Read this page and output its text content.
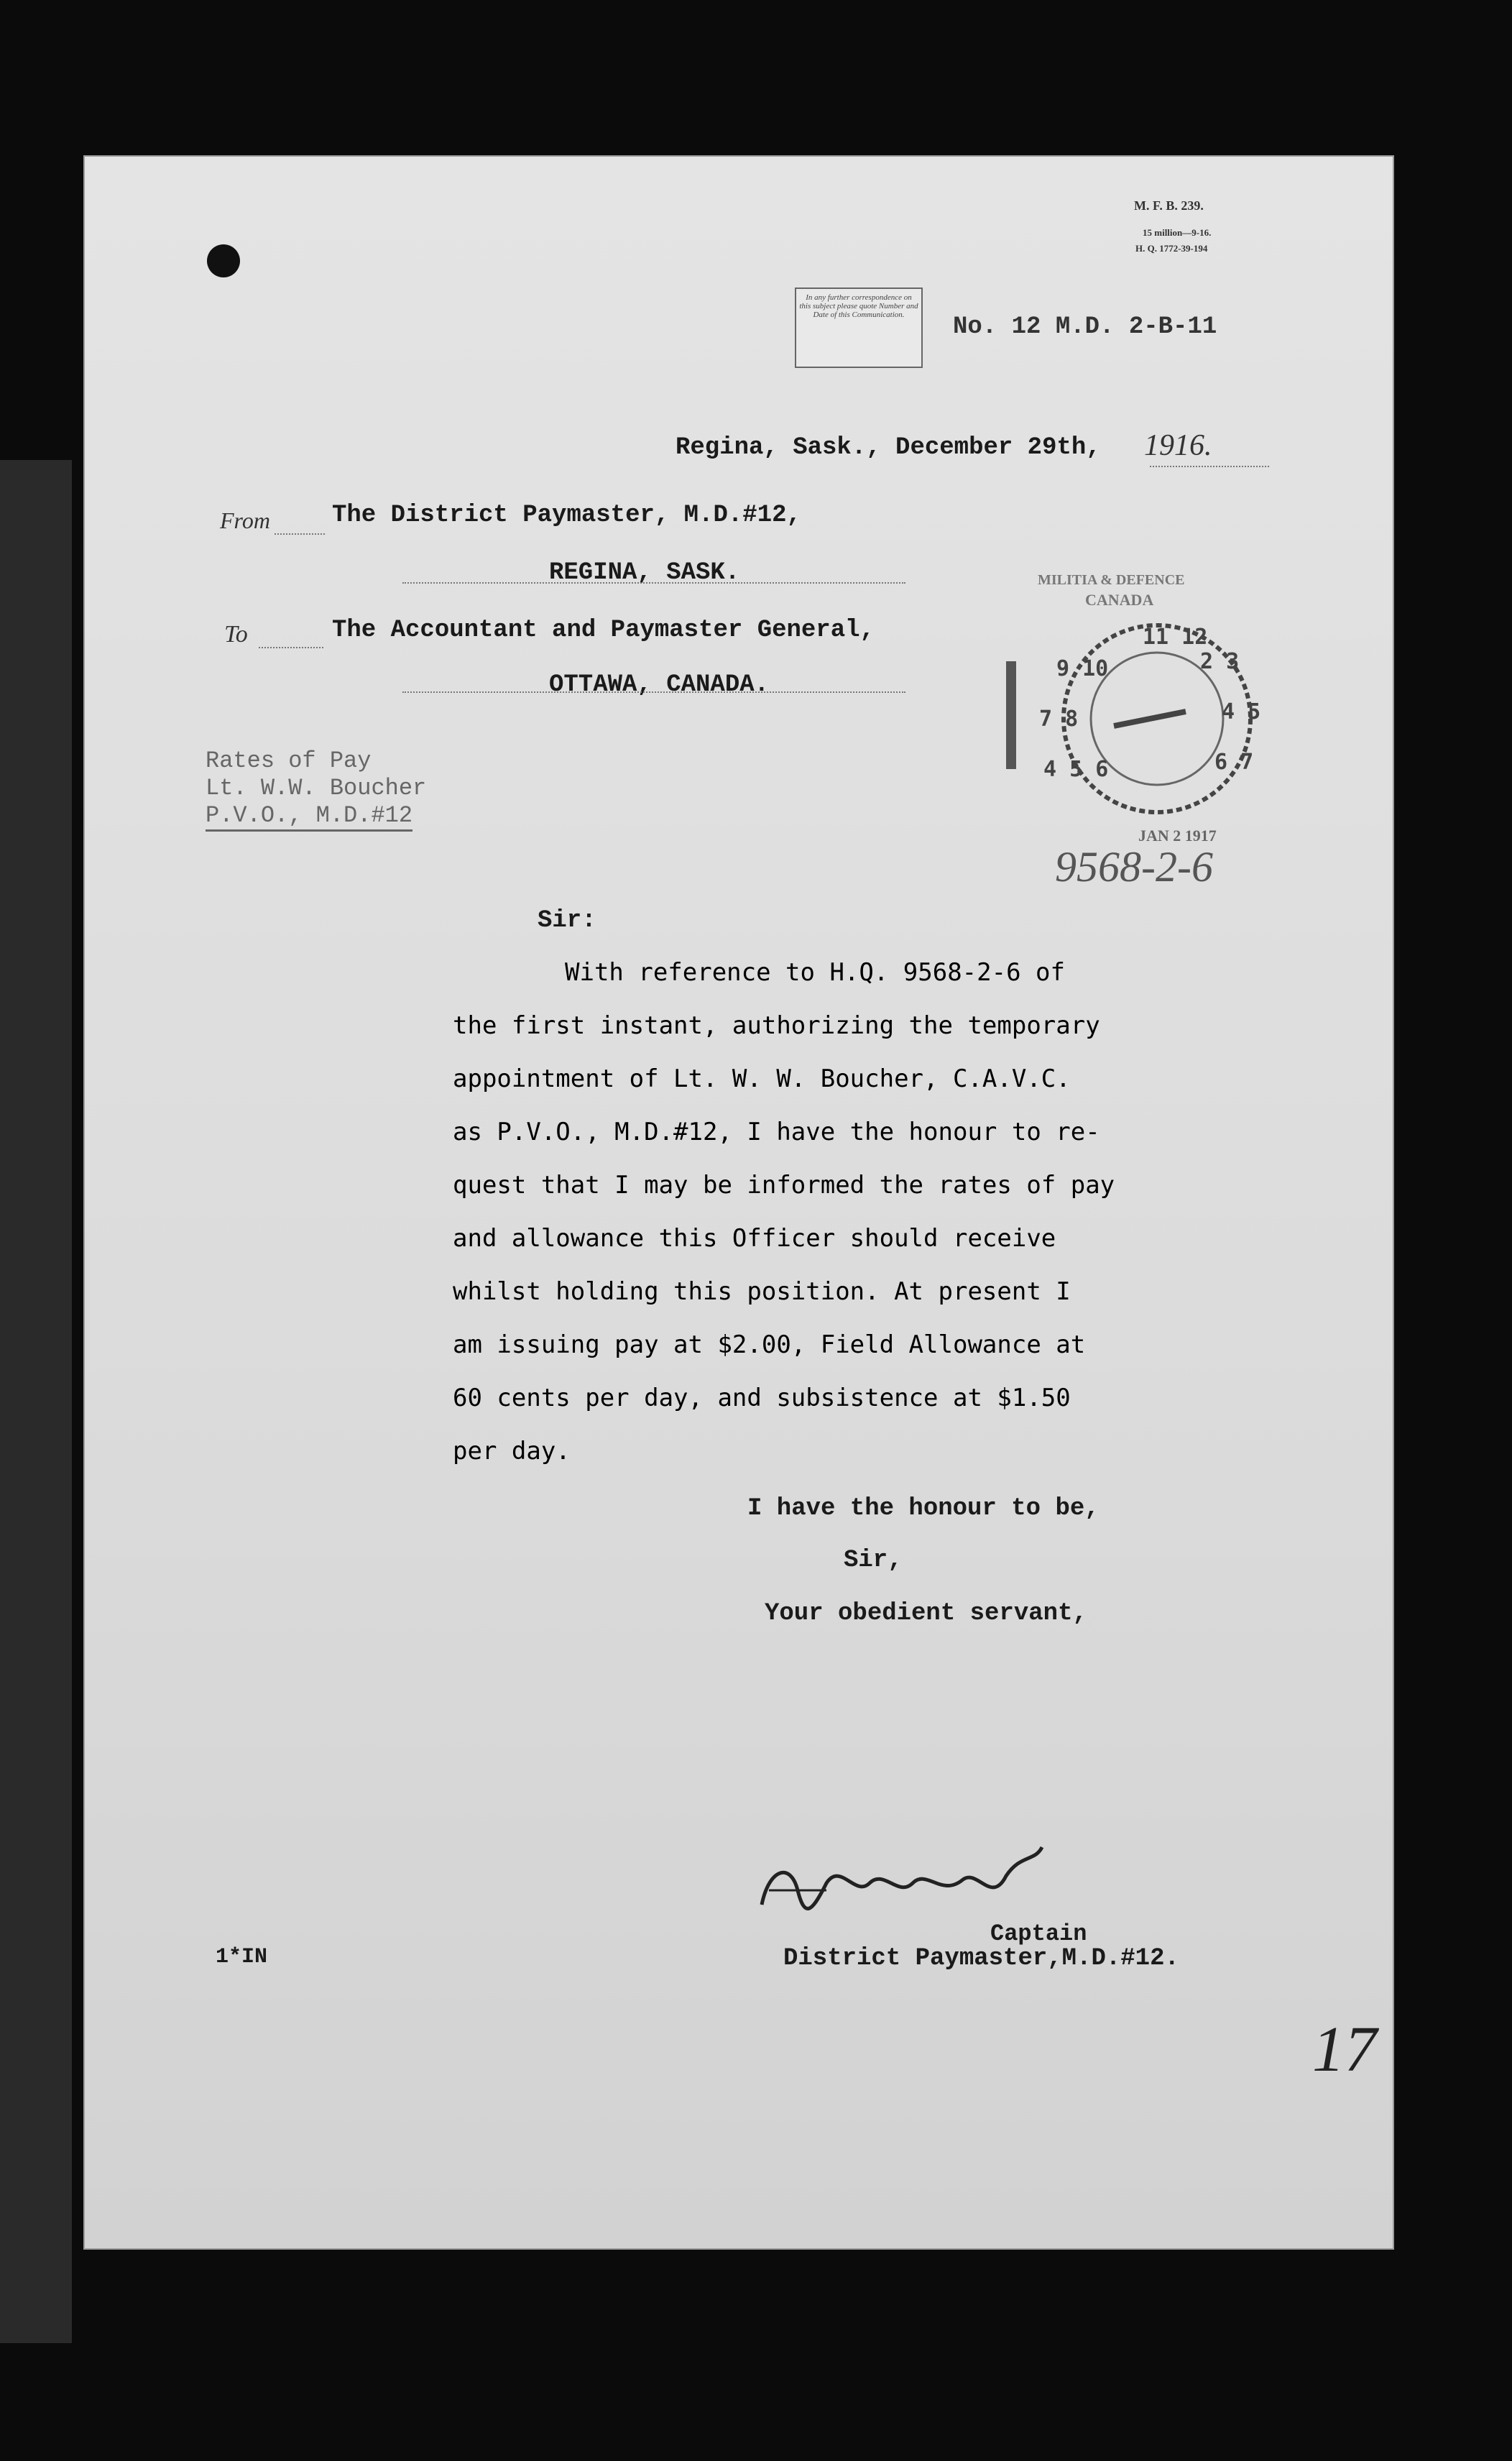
M. F. B. 239.
15 million—9-16.
H. Q. 1772-39-194
In any further correspondence on this subject please quote Number and Date of this Communication.	No. 12 M.D. 2-B-11
Regina, Sask., December 29th, 1916.
From	The District Paymaster, M.D.#12,
REGINA, SASK.
To	The Accountant and Paymaster General,
OTTAWA, CANADA.
Rates of Pay
Lt. W.W. Boucher
P.V.O., M.D.#12
MILITIA & DEFENCE
CANADA
11 12
2 3
4 5
6 7
9 10
7 8
4 5 6
JAN 2 1917
9568-2-6
Sir:
With reference to H.Q. 9568-2-6 of
the first instant, authorizing the temporary
appointment of Lt. W. W. Boucher, C.A.V.C.
as P.V.O., M.D.#12, I have the honour to re-
quest that I may be informed the rates of pay
and allowance this Officer should receive
whilst holding this position. At present I
am issuing pay at $2.00, Field Allowance at
60 cents per day, and subsistence at $1.50
per day.
I have the honour to be,
Sir,
Your obedient servant,
Captain
District Paymaster,M.D.#12.
1*IN
17
